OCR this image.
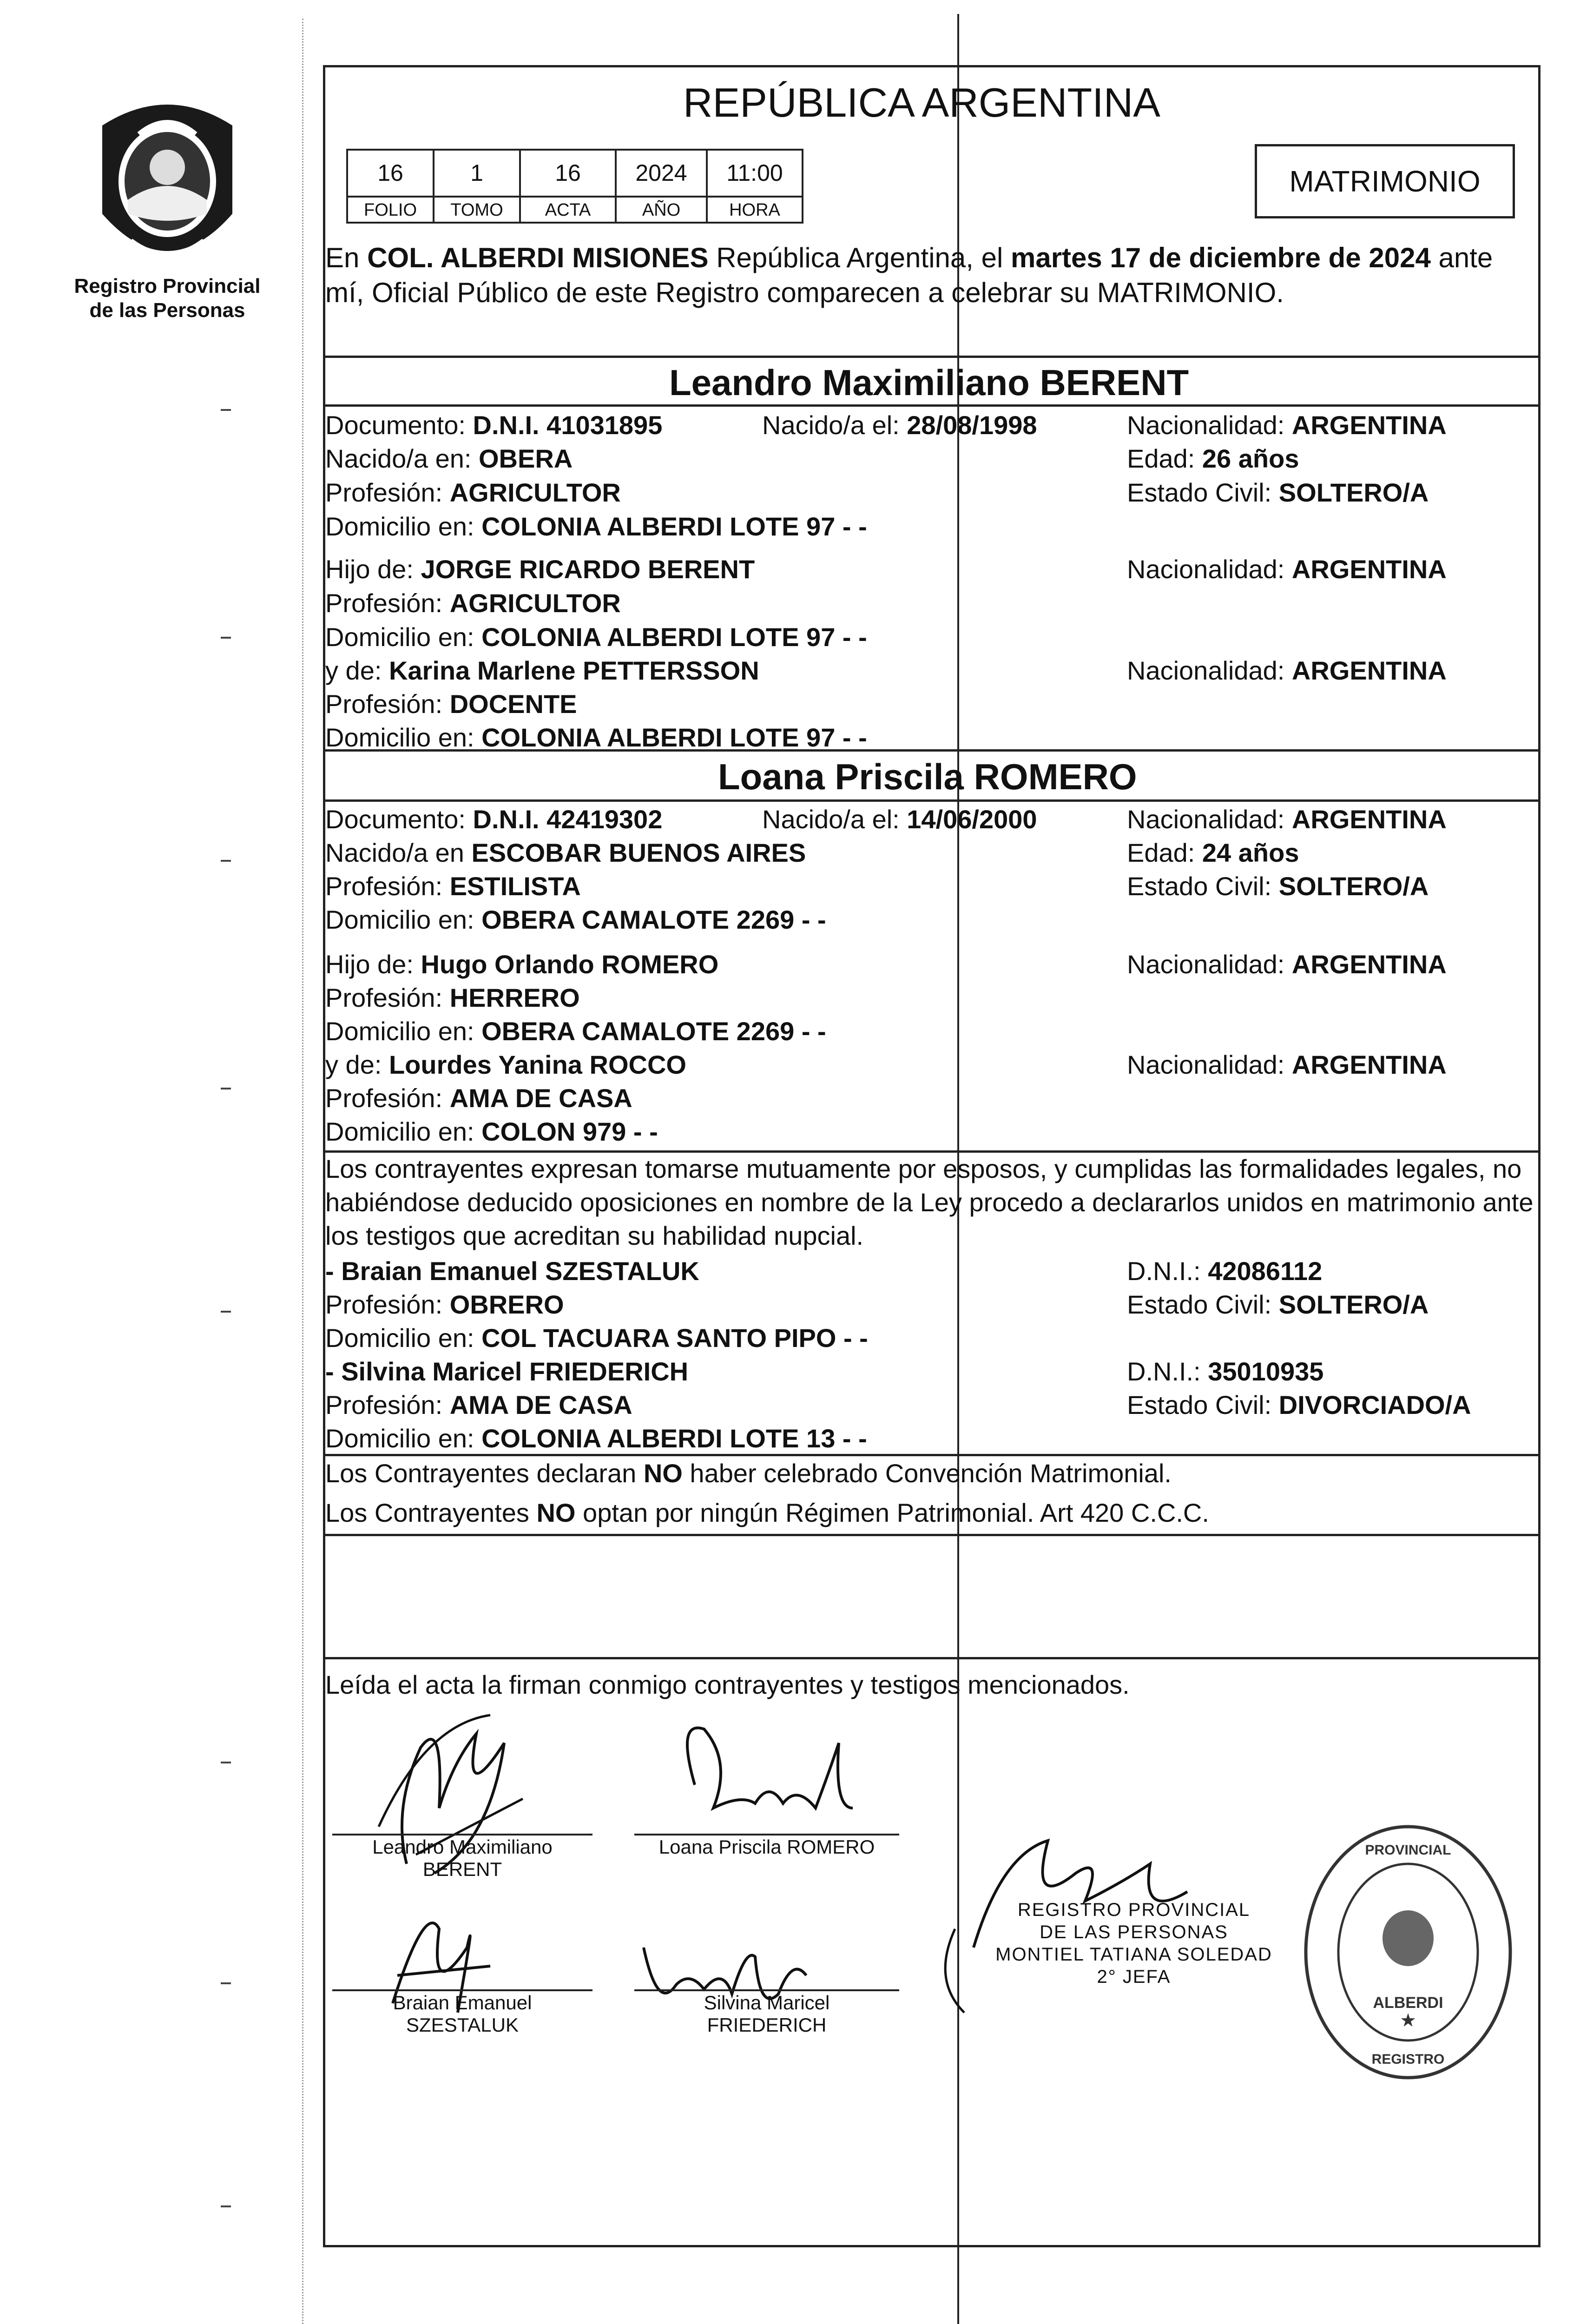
Registro Provincial
de las Personas
REPÚBLICA ARGENTINA
16	1	16	2024	11:00
FOLIO	TOMO	ACTA	AÑO	HORA
MATRIMONIO
En COL. ALBERDI MISIONES República Argentina, el martes 17 de diciembre de 2024 ante
mí, Oficial Público de este Registro comparecen a celebrar su MATRIMONIO.
Leandro Maximiliano BERENT
Documento: D.N.I. 41031895	Nacido/a el: 28/08/1998	Nacionalidad: ARGENTINA
Nacido/a en: OBERA	Edad: 26 años
Profesión: AGRICULTOR	Estado Civil: SOLTERO/A
Domicilio en: COLONIA ALBERDI LOTE 97 - -
Hijo de: JORGE RICARDO BERENT	Nacionalidad: ARGENTINA
Profesión: AGRICULTOR
Domicilio en: COLONIA ALBERDI LOTE 97 - -
y de: Karina Marlene PETTERSSON	Nacionalidad: ARGENTINA
Profesión: DOCENTE
Domicilio en: COLONIA ALBERDI LOTE 97 - -
Loana Priscila ROMERO
Documento: D.N.I. 42419302	Nacido/a el: 14/06/2000	Nacionalidad: ARGENTINA
Nacido/a en ESCOBAR BUENOS AIRES	Edad: 24 años
Profesión: ESTILISTA	Estado Civil: SOLTERO/A
Domicilio en: OBERA CAMALOTE 2269 - -
Hijo de: Hugo Orlando ROMERO	Nacionalidad: ARGENTINA
Profesión: HERRERO
Domicilio en: OBERA CAMALOTE 2269 - -
y de: Lourdes Yanina ROCCO	Nacionalidad: ARGENTINA
Profesión: AMA DE CASA
Domicilio en: COLON 979 - -
Los contrayentes expresan tomarse mutuamente por esposos, y cumplidas las formalidades legales, no
habiéndose deducido oposiciones en nombre de la Ley procedo a declararlos unidos en matrimonio ante
los testigos que acreditan su habilidad nupcial.
- Braian Emanuel SZESTALUK	D.N.I.: 42086112
Profesión: OBRERO	Estado Civil: SOLTERO/A
Domicilio en: COL TACUARA SANTO PIPO - -
- Silvina Maricel FRIEDERICH	D.N.I.: 35010935
Profesión: AMA DE CASA	Estado Civil: DIVORCIADO/A
Domicilio en: COLONIA ALBERDI LOTE 13 - -
Los Contrayentes declaran NO haber celebrado Convención Matrimonial.
Los Contrayentes NO optan por ningún Régimen Patrimonial. Art 420 C.C.C.
Leída el acta la firman conmigo contrayentes y testigos mencionados.
Leandro Maximiliano
BERENT
Loana Priscila ROMERO
Braian Emanuel
SZESTALUK
Silvina Maricel
FRIEDERICH
REGISTRO PROVINCIAL
DE LAS PERSONAS
MONTIEL TATIANA SOLEDAD
2° JEFA
PROVINCIAL
REGISTRO
ALBERDI
★
